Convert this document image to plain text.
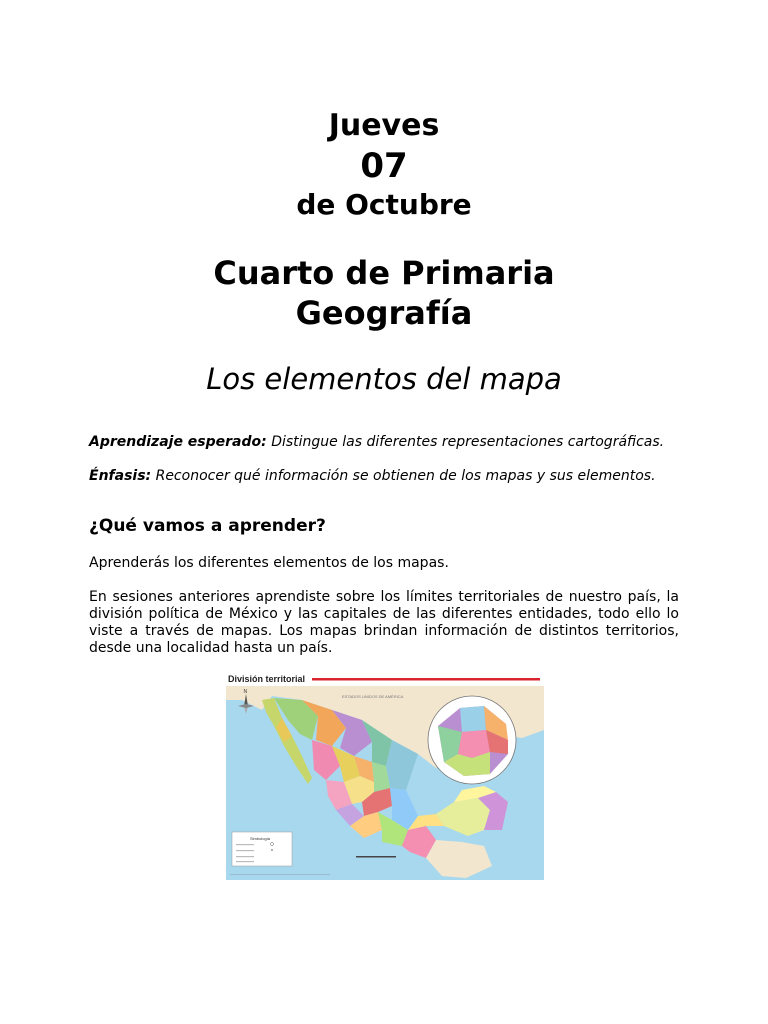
Jueves
07
de Octubre
Cuarto de Primaria
Geografía
Los elementos del mapa
Aprendizaje esperado: Distingue las diferentes representaciones cartográficas.
Énfasis: Reconocer qué información se obtienen de los mapas y sus elementos.
¿Qué vamos a aprender?
Aprenderás los diferentes elementos de los mapas.
En sesiones anteriores aprendiste sobre los límites territoriales de nuestro país, la división política de México y las capitales de las diferentes entidades, todo ello lo viste a través de mapas. Los mapas brindan información de distintos territorios, desde una localidad hasta un país.
División territorial
ESTADOS UNIDOS DE AMÉRICA
N
Simbología
